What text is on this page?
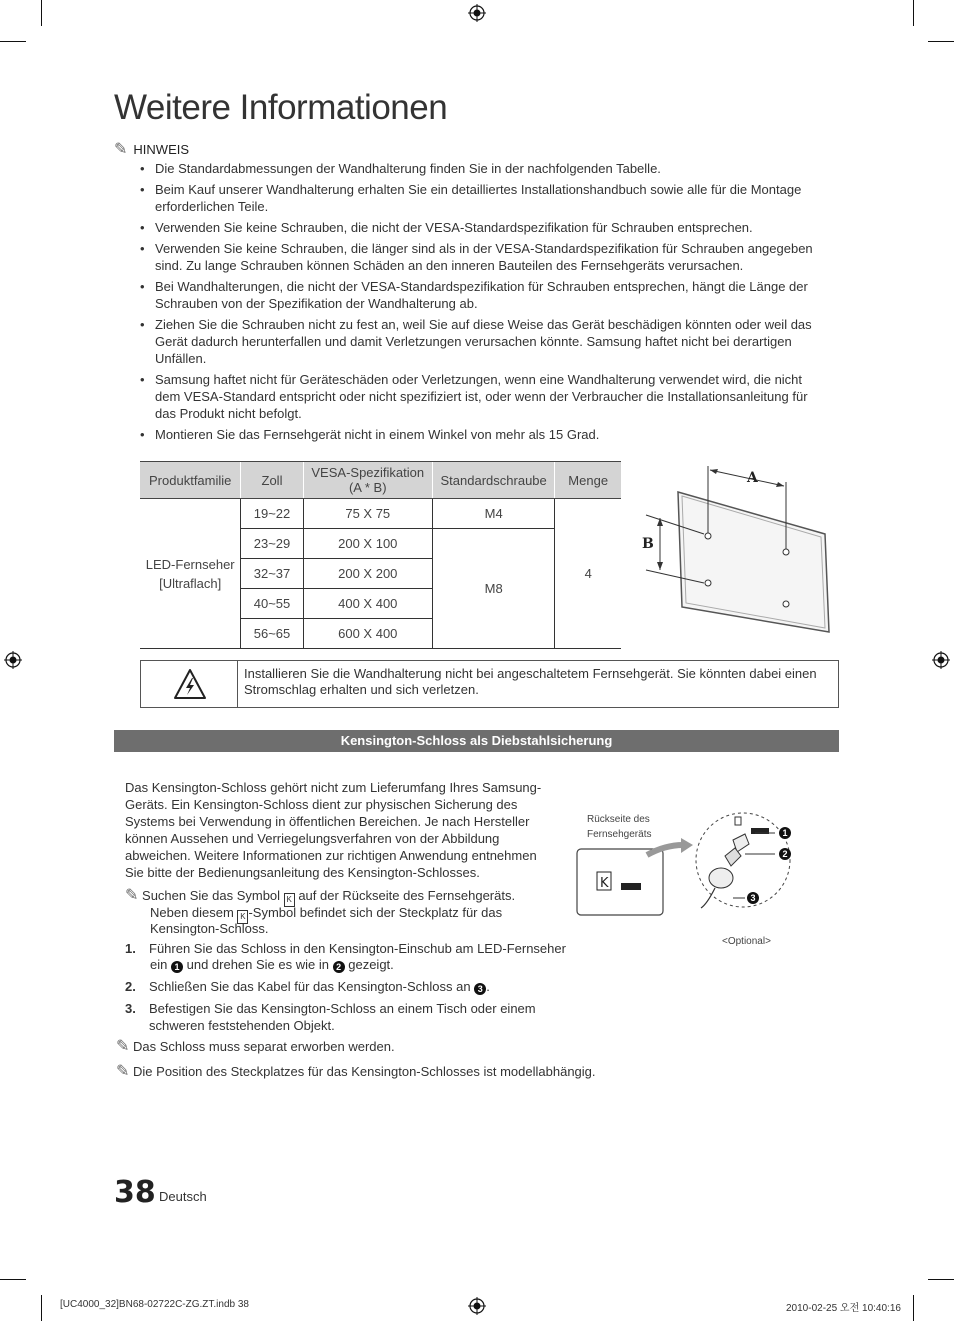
Weitere Informationen
✎ HINWEIS
• Die Standardabmessungen der Wandhalterung finden Sie in der nachfolgenden Tabelle.
• Beim Kauf unserer Wandhalterung erhalten Sie ein detailliertes Installationshandbuch sowie alle für die Montage erforderlichen Teile.
• Verwenden Sie keine Schrauben, die nicht der VESA-Standardspezifikation für Schrauben entsprechen.
• Verwenden Sie keine Schrauben, die länger sind als in der VESA-Standardspezifikation für Schrauben angegeben sind. Zu lange Schrauben können Schäden an den inneren Bauteilen des Fernsehgeräts verursachen.
• Bei Wandhalterungen, die nicht der VESA-Standardspezifikation für Schrauben entsprechen, hängt die Länge der Schrauben von der Spezifikation der Wandhalterung ab.
• Ziehen Sie die Schrauben nicht zu fest an, weil Sie auf diese Weise das Gerät beschädigen könnten oder weil das Gerät dadurch herunterfallen und damit Verletzungen verursachen könnte. Samsung haftet nicht bei derartigen Unfällen.
• Samsung haftet nicht für Geräteschäden oder Verletzungen, wenn eine Wandhalterung verwendet wird, die nicht dem VESA-Standard entspricht oder nicht spezifiziert ist, oder wenn der Verbraucher die Installationsanleitung für das Produkt nicht befolgt.
• Montieren Sie das Fernsehgerät nicht in einem Winkel von mehr als 15 Grad.
Produktfamilie	Zoll	VESA-Spezifikation (A * B)	Standardschraube	Menge
LED-Fernseher [Ultraflach]	19~22	75 X 75	M4	4
	23~29	200 X 100	M8	
	32~37	200 X 200		
	40~55	400 X 400		
	56~65	600 X 400		
A
B
Installieren Sie die Wandhalterung nicht bei angeschaltetem Fernsehgerät. Sie könnten dabei einen Stromschlag erhalten und sich verletzen.
Kensington-Schloss als Diebstahlsicherung
Das Kensington-Schloss gehört nicht zum Lieferumfang Ihres Samsung-Geräts. Ein Kensington-Schloss dient zur physischen Sicherung des Systems bei Verwendung in öffentlichen Bereichen. Je nach Hersteller können Aussehen und Verriegelungsverfahren von der Abbildung abweichen. Weitere Informationen zur richtigen Anwendung entnehmen Sie bitte der Bedienungsanleitung des Kensington-Schlosses.
✎ Suchen Sie das Symbol K auf der Rückseite des Fernsehgeräts.
Neben diesem K -Symbol befindet sich der Steckplatz für das
Kensington-Schloss.
1. Führen Sie das Schloss in den Kensington-Einschub am LED-Fernseher
ein 1 und drehen Sie es wie in 2 gezeigt.
2. Schließen Sie das Kabel für das Kensington-Schloss an 3 .
3.	Befestigen Sie das Kensington-Schloss an einem Tisch oder einem schweren feststehenden Objekt.
✎ Das Schloss muss separat erworben werden.
✎ Die Position des Steckplatzes für das Kensington-Schlosses ist modellabhängig.
Rückseite des Fernsehgeräts
K
1
2
3
<Optional>
38 Deutsch
[UC4000_32]BN68-02722C-ZG.ZT.indb 38	2010-02-25 오전 10:40:16
